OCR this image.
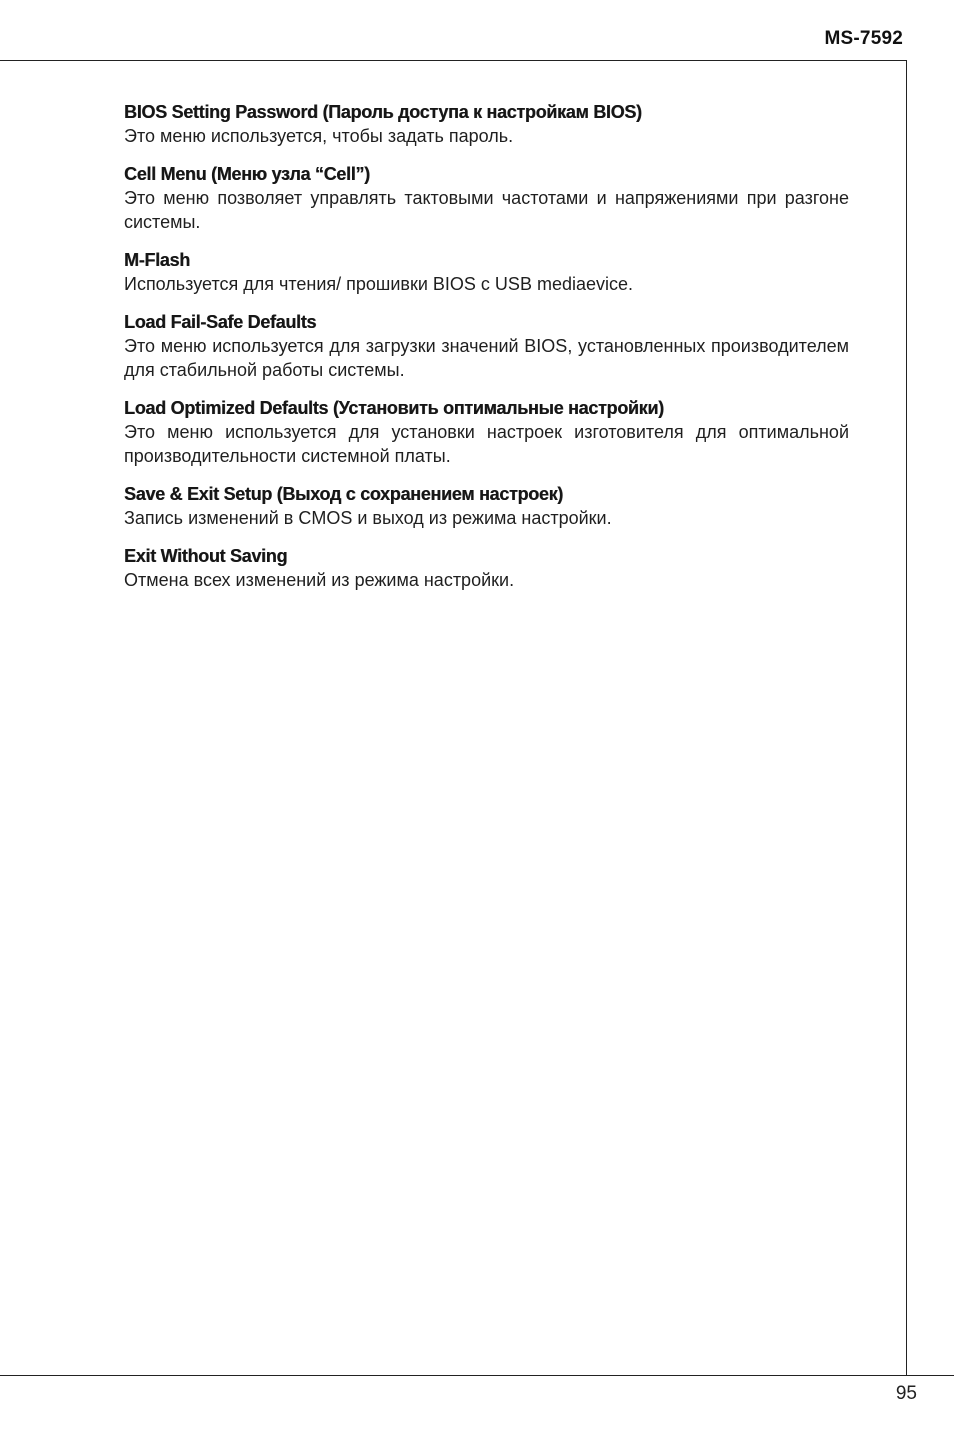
MS-7592
BIOS Setting Password (Пароль доступа к настройкам BIOS)

Это меню используется, чтобы задать пароль.

Cell Menu (Меню узла “Cell”)

Это меню позволяет управлять тактовыми частотами и напряжениями при разгоне системы.

M-Flash

Используется для чтения/ прошивки BIOS с USB mediaevice.

Load Fail-Safe Defaults

Это меню используется для загрузки значений BIOS, установленных производителем для стабильной работы системы.

Load Optimized Defaults (Установить оптимальные настройки)

Это меню используется для установки настроек изготовителя для оптимальной производительности системной платы.

Save & Exit Setup (Выход с сохранением настроек)

Запись изменений в CMOS и выход из режима настройки.

Exit Without Saving

Отмена всех изменений из режима настройки.

95
